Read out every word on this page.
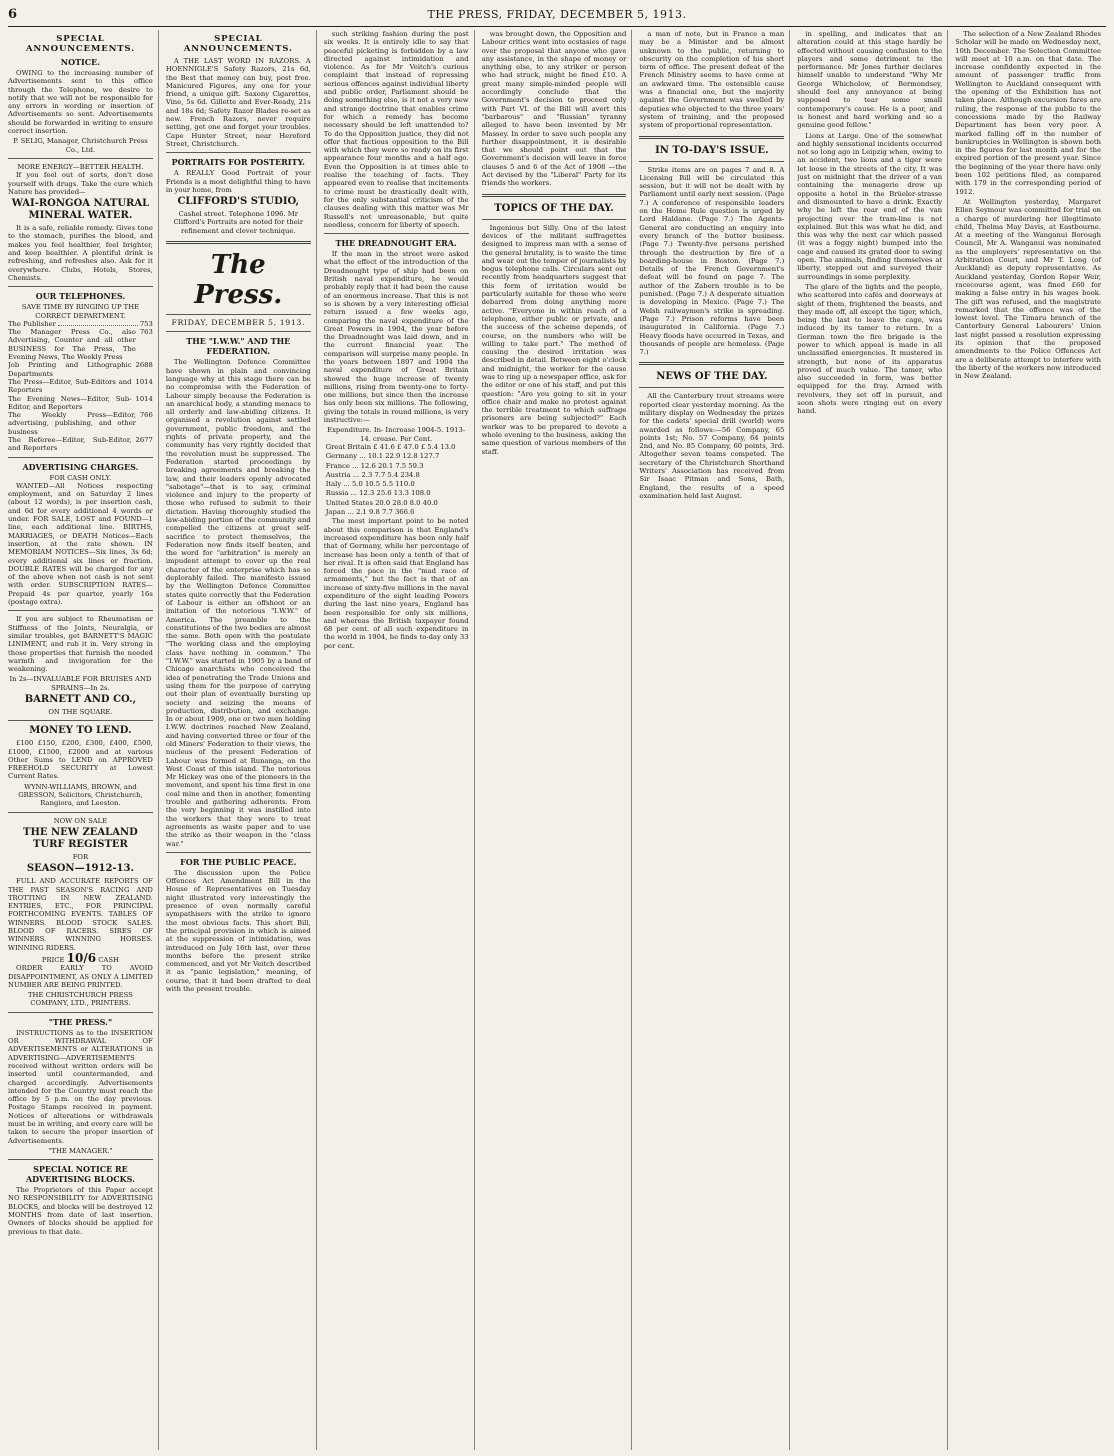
6	THE PRESS, FRIDAY, DECEMBER 5, 1913.
SPECIAL ANNOUNCEMENTS.
NOTICE.
OWING to the increasing number of Advertisements sent to this office through the Telephone, we desire to notify that we will not be responsible for any errors in wording or insertion of Advertisements so sent. Advertisements should be forwarded in writing to ensure correct insertion.
P. SELIG, Manager, Christchurch Press Co., Ltd.
MORE ENERGY—BETTER HEALTH.
If you feel out of sorts, don't dose yourself with drugs. Take the cure which Nature has provided—
WAI-RONGOA NATURAL MINERAL WATER.
It is a safe, reliable remedy. Gives tone to the stomach, purifies the blood, and makes you feel healthier, feel brighter, and keep healthier. A plentiful drink is refreshing, and refreshes also. Ask for it everywhere. Clubs, Hotels, Stores, Chemists.
OUR TELEPHONES.
SAVE TIME BY RINGING UP THE CORRECT DEPARTMENT.
The Publisher	753
The Manager Press Co., also Advertising, Counter and all other BUSINESS for The Press, The Evening News, The Weekly Press
763
Job Printing and Lithographic Departments
2688
The Press—Editor, Sub-Editors and Reporters
1014
The Evening News—Editor, Sub-Editor, and Reporters
1014
The Weekly Press—Editor, advertising, publishing, and other business
766
The Referee—Editor, Sub-Editor, and Reporters
2677
ADVERTISING CHARGES.
FOR CASH ONLY.
WANTED—All Notices respecting employment, and on Saturday 2 lines (about 12 words), is per insertion cash, and 6d for every additional 4 words or under. FOR SALE, LOST and FOUND—1 line, each additional line. BIRTHS, MARRIAGES, or DEATH Notices—Each insertion, at the rate shown. IN MEMORIAM NOTICES—Six lines, 3s 6d; every additional six lines or fraction. DOUBLE RATES will be charged for any of the above when not cash is not sent with order. SUBSCRIPTION RATES—Prepaid 4s per quarter, yearly 16s (postage extra).
If you are subject to Rheumatism or Stiffness of the Joints, Neuralgia, or similar troubles, get BARNETT'S MAGIC LINIMENT, and rub it in. Very strong in those properties that furnish the needed warmth and invigoration for the weakening.
In 2s—INVALUABLE FOR BRUISES AND SPRAINS—In 2s.
BARNETT AND CO.,
ON THE SQUARE.
MONEY TO LEND.
£100 £150, £200, £300, £400, £500, £1000, £1500, £2000 and at various Other Sums to LEND on APPROVED FREEHOLD SECURITY at Lowest Current Rates.
WYNN-WILLIAMS, BROWN, and GRESSON, Solicitors, Christchurch, Rangiora, and Leeston.
NOW ON SALE
THE NEW ZEALAND TURF REGISTER
FOR
SEASON—1912-13.
FULL AND ACCURATE REPORTS OF THE PAST SEASON'S RACING AND TROTTING IN NEW ZEALAND. ENTRIES, ETC., FOR PRINCIPAL FORTHCOMING EVENTS. TABLES OF WINNERS. BLOOD STOCK SALES. BLOOD OF RACERS. SIRES OF WINNERS. WINNING HORSES. WINNING RIDERS.
PRICE 10/6 CASH
ORDER EARLY TO AVOID DISAPPOINTMENT, AS ONLY A LIMITED NUMBER ARE BEING PRINTED.
THE CHRISTCHURCH PRESS COMPANY, LTD., PRINTERS.
"THE PRESS."
INSTRUCTIONS as to the INSERTION OR WITHDRAWAL OF ADVERTISEMENTS or ALTERATIONS in ADVERTISING—ADVERTISEMENTS received without written orders will be inserted until countermanded, and charged accordingly. Advertisements intended for the Country must reach the office by 5 p.m. on the day previous. Postage Stamps received in payment. Notices of alterations or withdrawals must be in writing, and every care will be taken to secure the proper insertion of Advertisements.
"THE MANAGER."
SPECIAL NOTICE RE ADVERTISING BLOCKS.
The Proprietors of this Paper accept NO RESPONSIBILITY for ADVERTISING BLOCKS, and blocks will be destroyed 12 MONTHS from date of last insertion. Owners of blocks should be applied for previous to that date.
SPECIAL ANNOUNCEMENTS.
A THE LAST WORD IN RAZORS. A HOENNIGLE'S Safety Razors, 21s 6d, the Best that money can buy, post free. Manicured Figures, any one for your friend, a unique gift. Saxony Cigarettes, Vine, 5s 6d. Gillette and Ever-Ready, 21s and 18s 6d; Safety Razor Blades re-set as new. French Razors, never require setting, get one and forget your troubles. Cape Hunter Street, near Hereford Street, Christchurch.
PORTRAITS FOR POSTERITY.
A REALLY Good Portrait of your Friends is a most delightful thing to have in your home, from
CLIFFORD'S STUDIO,
Cashel street. Telephone 1096. Mr Clifford's Portraits are noted for their refinement and clever technique.
The Press.
FRIDAY, DECEMBER 5, 1913.
THE "I.W.W." AND THE FEDERATION.
The Wellington Defence Committee have shown in plain and convincing language why at this stage there can be no compromise with the Federation of Labour simply because the Federation is an anarchical body, a standing menace to all orderly and law-abiding citizens. It organised a revolution against settled government, public freedom, and the rights of private property, and the community has very rightly decided that the revolution must be suppressed. The Federation started proceedings by breaking agreements and breaking the law, and their leaders openly advocated "sabotage"—that is to say, criminal violence and injury to the property of those who refused to submit to their dictation. Having thoroughly studied the law-abiding portion of the community and compelled the citizens at great self-sacrifice to protect themselves, the Federation now finds itself beaten, and the word for "arbitration" is merely an impudent attempt to cover up the real character of the enterprise which has so deplorably failed. The manifesto issued by the Wellington Defence Committee states quite correctly that the Federation of Labour is either an offshoot or an imitation of the notorious "I.W.W." of America. The preamble to the constitutions of the two bodies are almost the same. Both open with the postulate "The working class and the employing class have nothing in common." The "I.W.W." was started in 1905 by a band of Chicago anarchists who conceived the idea of penetrating the Trade Unions and using them for the purpose of carrying out their plan of eventually bursting up society and seizing the means of production, distribution, and exchange. In or about 1909, one or two men holding I.W.W. doctrines reached New Zealand, and having converted three or four of the old Miners' Federation to their views, the nucleus of the present Federation of Labour was formed at Runanga, on the West Coast of this island. The notorious Mr Hickey was one of the pioneers in the movement, and spent his time first in one coal mine and then in another, fomenting trouble and gathering adherents. From the very beginning it was instilled into the workers that they were to treat agreements as waste paper and to use the strike as their weapon in the "class war."
FOR THE PUBLIC PEACE.
The discussion upon the Police Offences Act Amendment Bill in the House of Representatives on Tuesday night illustrated very interestingly the presence of even normally careful sympathisers with the strike to ignore the most obvious facts. This short Bill, the principal provision in which is aimed at the suppression of intimidation, was introduced on July 16th last, over three months before the present strike commenced, and yet Mr Veitch described it as "panic legislation," meaning, of course, that it had been drafted to deal with the present trouble.
such striking fashion during the past six weeks. It is entirely idle to say that peaceful picketing is forbidden by a law directed against intimidation and violence. As for Mr Veitch's curious complaint that instead of repressing serious offences against individual liberty and public order, Parliament should be doing something else, is it not a very new and strange doctrine that enables crime for which a remedy has become necessary should be left unattended to? To do the Opposition justice, they did not offer that factious opposition to the Bill with which they were so ready on its first appearance four months and a half ago. Even the Opposition is at times able to realise the teaching of facts. They appeared even to realise that incitements to crime must be drastically dealt with, for the only substantial criticism of the clauses dealing with this matter was Mr Russell's not unreasonable, but quite needless, concern for liberty of speech.
THE DREADNOUGHT ERA.
If the man in the street were asked what the effect of the introduction of the Dreadnought type of ship had been on British naval expenditure, he would probably reply that it had been the cause of an enormous increase. That this is not so is shown by a very interesting official return issued a few weeks ago, comparing the naval expenditure of the Great Powers in 1904, the year before the Dreadnought was laid down, and in the current financial year. The comparison will surprise many people. In the years between 1897 and 1904 the naval expenditure of Great Britain showed the huge increase of twenty millions, rising from twenty-one to forty-one millions, but since then the increase has only been six millions. The following, giving the totals in round millions, is very instructive:—
Expenditure. In- Increase 1904-5. 1913-14. crease. Per Cent.
Great Britain £ 41.6 £ 47.0 £ 5.4 13.0
Germany ... 10.1 22.9 12.8 127.7
France ... 12.6 20.1 7.5 59.3
Austria ... 2.3 7.7 5.4 234.8
Italy ... 5.0 10.5 5.5 110.0
Russia ... 12.3 25.6 13.3 108.0
United States 20.0 28.0 8.0 40.0
Japan ... 2.1 9.8 7.7 366.6
The most important point to be noted about this comparison is that England's increased expenditure has been only half that of Germany, while her percentage of increase has been only a tenth of that of her rival. It is often said that England has forced the pace in the "mad race of armaments," but the fact is that of an increase of sixty-five millions in the naval expenditure of the eight leading Powers during the last nine years, England has been responsible for only six millions, and whereas the British taxpayer found 68 per cent. of all such expenditure in the world in 1904, he finds to-day only 33 per cent.
was brought down, the Opposition and Labour critics went into ecstasies of rage over the proposal that anyone who gave any assistance, in the shape of money or anything else, to any striker or person who had struck, might be fined £10. A great many simple-minded people will accordingly conclude that the Government's decision to proceed only with Part VI. of the Bill will avert this "barbarous" and "Russian" tyranny alleged to have been invented by Mr Massey. In order to save such people any further disappointment, it is desirable that we should point out that the Government's decision will leave in force clauses 5 and 6 of the Act of 1908 —the Act devised by the "Liberal" Party for its friends the workers.
TOPICS OF THE DAY.
Ingenious but Silly. One of the latest devices of the militant suffragettes designed to impress man with a sense of the general brutality, is to waste the time and wear out the temper of journalists by bogus telephone calls. Circulars sent out recently from headquarters suggest that this form of irritation would be particularly suitable for those who were debarred from doing anything more active. "Everyone in within reach of a telephone, either public or private, and the success of the scheme depends, of course, on the numbers who will be willing to take part." The method of causing the desired irritation was described in detail. Between eight o'clock and midnight, the worker for the cause was to ring up a newspaper office, ask for the editor or one of his staff, and put this question: "Are you going to sit in your office chair and make no protest against the terrible treatment to which suffrage prisoners are being subjected?" Each worker was to be prepared to devote a whole evening to the business, asking the same question of various members of the staff.
a man of note, but in France a man may be a Minister and be almost unknown to the public, returning to obscurity on the completion of his short term of office. The present defeat of the French Ministry seems to have come at an awkward time. The ostensible cause was a financial one, but the majority against the Government was swelled by deputies who objected to the three years' system of training, and the proposed system of proportional representation.
IN TO-DAY'S ISSUE.
Strike items are on pages 7 and 8. A Licensing Bill will be circulated this session, but it will not be dealt with by Parliament until early next session. (Page 7.) A conference of responsible leaders on the Home Rule question is urged by Lord Haldane. (Page 7.) The Agents-General are conducting an enquiry into every branch of the butter business. (Page 7.) Twenty-five persons perished through the destruction by fire of a boarding-house in Boston. (Page 7.) Details of the French Government's defeat will be found on page 7. The author of the Zabern trouble is to be punished. (Page 7.) A desperate situation is developing in Mexico. (Page 7.) The Welsh railwaymen's strike is spreading. (Page 7.) Prison reforms have been inaugurated in California. (Page 7.) Heavy floods have occurred in Texas, and thousands of people are homeless. (Page 7.)
NEWS OF THE DAY.
All the Canterbury trout streams were reported clear yesterday morning. As the military display on Wednesday the prizes for the cadets' special drill (world) were awarded as follows:—56 Company, 65 points 1st; No. 57 Company, 64 points 2nd, and No. 85 Company, 60 points, 3rd. Altogether seven teams competed. The secretary of the Christchurch Shorthand Writers' Association has received from Sir Isaac Pitman and Sons, Bath, England, the results of a speed examination held last August.
in spelling, and indicates that an alteration could at this stage hardly be effected without causing confusion to the players and some detriment to the performance. Mr Jones further declares himself unable to understand "Why Mr George Whicholow, of Bermondsey, should feel any annoyance at being supposed to tear some small contemporary's cause. He is a poor, and is honest and hard working and so a genuine good fellow."
Lions at Large. One of the somewhat and highly sensational incidents occurred not so long ago in Leipzig when, owing to an accident, two lions and a tiger were let loose in the streets of the city. It was just on midnight that the driver of a van containing the menagerie drew up opposite a hotel in the Brüeler-strasse and dismounted to have a drink. Exactly why he left the rear end of the van projecting over the tram-line is not explained. But this was what he did, and this was why the next car which passed (it was a foggy night) bumped into the cage and caused its grated door to swing open. The animals, finding themselves at liberty, stepped out and surveyed their surroundings in some perplexity.
The glare of the lights and the people, who scattered into cafés and doorways at sight of them, frightened the beasts, and they made off, all except the tiger, which, being the last to leave the cage, was induced by its tamer to return. In a German town the fire brigade is the power to which appeal is made in all unclassified emergencies. It mustered in strength, but none of its apparatus proved of much value. The tamer, who also succeeded in form, was better equipped for the fray. Armed with revolvers, they set off in pursuit, and soon shots were ringing out on every hand.
The selection of a New Zealand Rhodes Scholar will be made on Wednesday next, 10th December. The Selection Committee will meet at 10 a.m. on that date. The increase confidently expected in the amount of passenger traffic from Wellington to Auckland consequent with the opening of the Exhibition has not taken place. Although excursion fares are ruling, the response of the public to the concessions made by the Railway Department has been very poor. A marked falling off in the number of bankruptcies in Wellington is shown both in the figures for last month and for the expired portion of the present year. Since the beginning of the year there have only been 102 petitions filed, as compared with 179 in the corresponding period of 1912.
At Wellington yesterday, Margaret Ellen Seymour was committed for trial on a charge of murdering her illegitimate child, Thelma May Davis, at Eastbourne. At a meeting of the Wanganui Borough Council, Mr A. Wanganui was nominated as the employers' representative on the Arbitration Court, and Mr T. Long (of Auckland) as deputy representative. As Auckland yesterday, Gordon Roper Weir, racecourse agent, was fined £60 for making a false entry in his wages book. The gift was refused, and the magistrate remarked that the offence was of the lowest level. The Timaru branch of the Canterbury General Labourers' Union last night passed a resolution expressing its opinion that the proposed amendments to the Police Offences Act are a deliberate attempt to interfere with the liberty of the workers now introduced in New Zealand.
